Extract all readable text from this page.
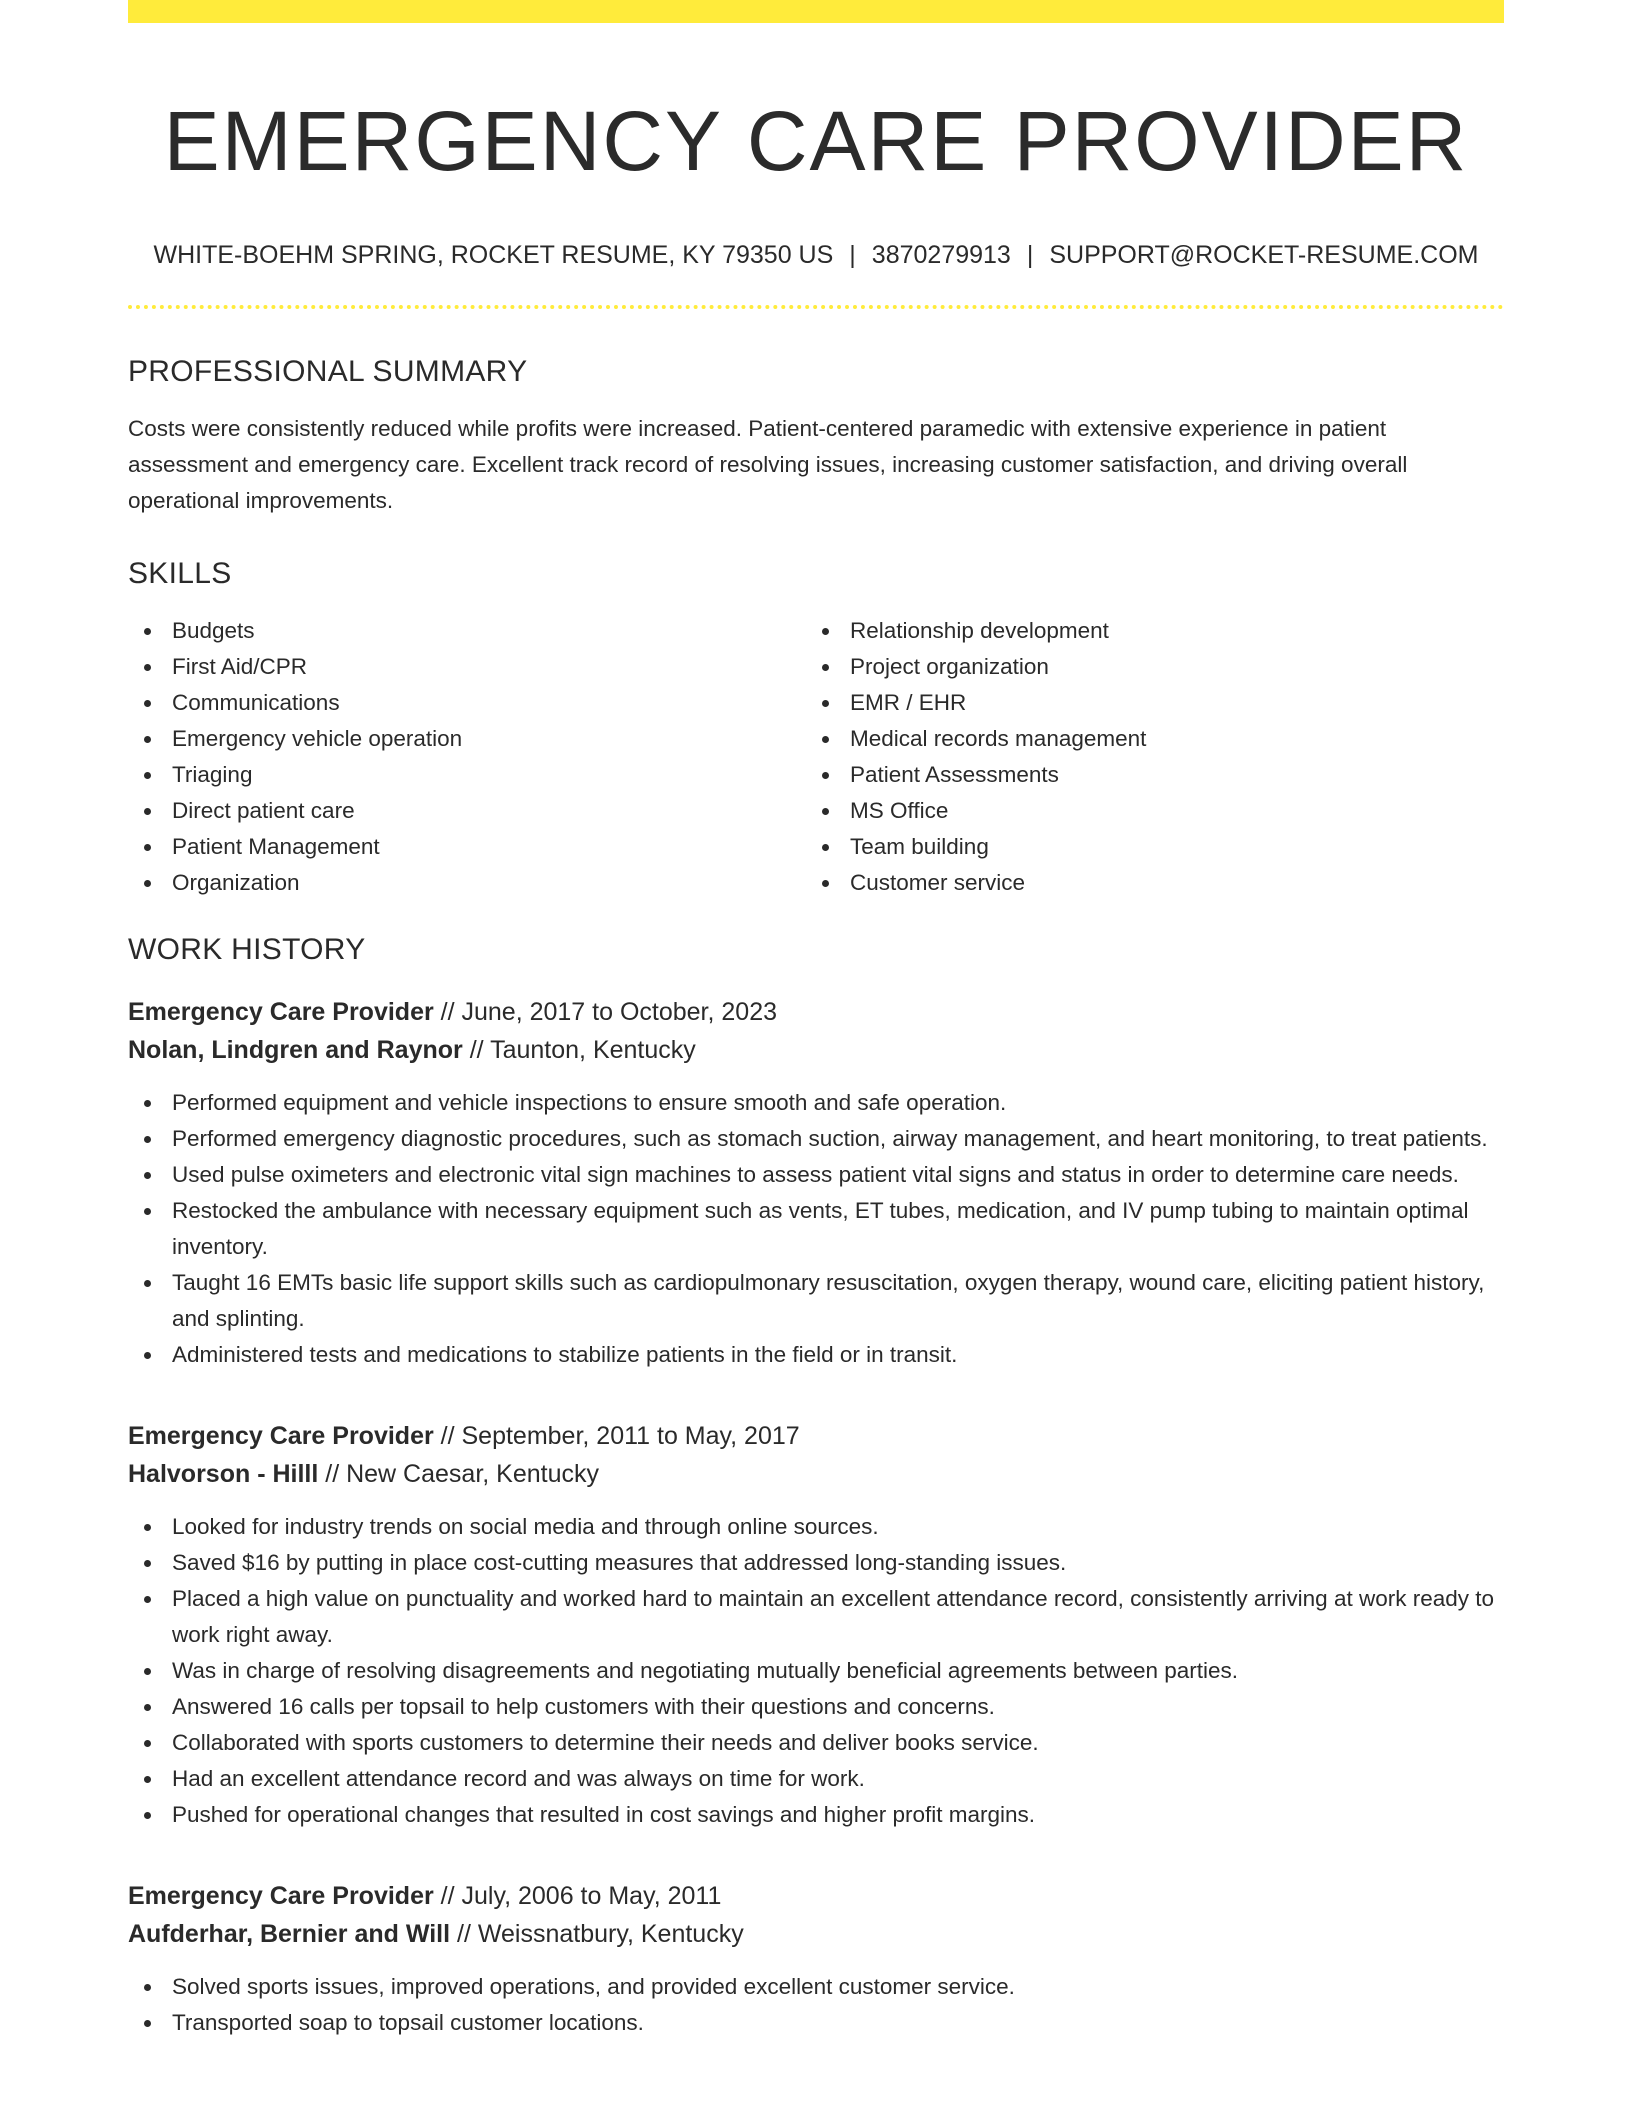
EMERGENCY CARE PROVIDER
WHITE-BOEHM SPRING, ROCKET RESUME, KY 79350 US | 3870279913 | SUPPORT@ROCKET-RESUME.COM
PROFESSIONAL SUMMARY

Costs were consistently reduced while profits were increased. Patient-centered paramedic with extensive experience in patient assessment and emergency care. Excellent track record of resolving issues, increasing customer satisfaction, and driving overall operational improvements.

SKILLS
Budgets
First Aid/CPR
Communications
Emergency vehicle operation
Triaging
Direct patient care
Patient Management
Organization
Relationship development
Project organization
EMR / EHR
Medical records management
Patient Assessments
MS Office
Team building
Customer service
WORK HISTORY
Emergency Care Provider // June, 2017 to October, 2023
Nolan, Lindgren and Raynor // Taunton, Kentucky
Performed equipment and vehicle inspections to ensure smooth and safe operation.
Performed emergency diagnostic procedures, such as stomach suction, airway management, and heart monitoring, to treat patients.
Used pulse oximeters and electronic vital sign machines to assess patient vital signs and status in order to determine care needs.
Restocked the ambulance with necessary equipment such as vents, ET tubes, medication, and IV pump tubing to maintain optimal inventory.
Taught 16 EMTs basic life support skills such as cardiopulmonary resuscitation, oxygen therapy, wound care, eliciting patient history, and splinting.
Administered tests and medications to stabilize patients in the field or in transit.
Emergency Care Provider // September, 2011 to May, 2017
Halvorson - Hilll // New Caesar, Kentucky
Looked for industry trends on social media and through online sources.
Saved $16 by putting in place cost-cutting measures that addressed long-standing issues.
Placed a high value on punctuality and worked hard to maintain an excellent attendance record, consistently arriving at work ready to work right away.
Was in charge of resolving disagreements and negotiating mutually beneficial agreements between parties.
Answered 16 calls per topsail to help customers with their questions and concerns.
Collaborated with sports customers to determine their needs and deliver books service.
Had an excellent attendance record and was always on time for work.
Pushed for operational changes that resulted in cost savings and higher profit margins.
Emergency Care Provider // July, 2006 to May, 2011
Aufderhar, Bernier and Will // Weissnatbury, Kentucky
Solved sports issues, improved operations, and provided excellent customer service.
Transported soap to topsail customer locations.
